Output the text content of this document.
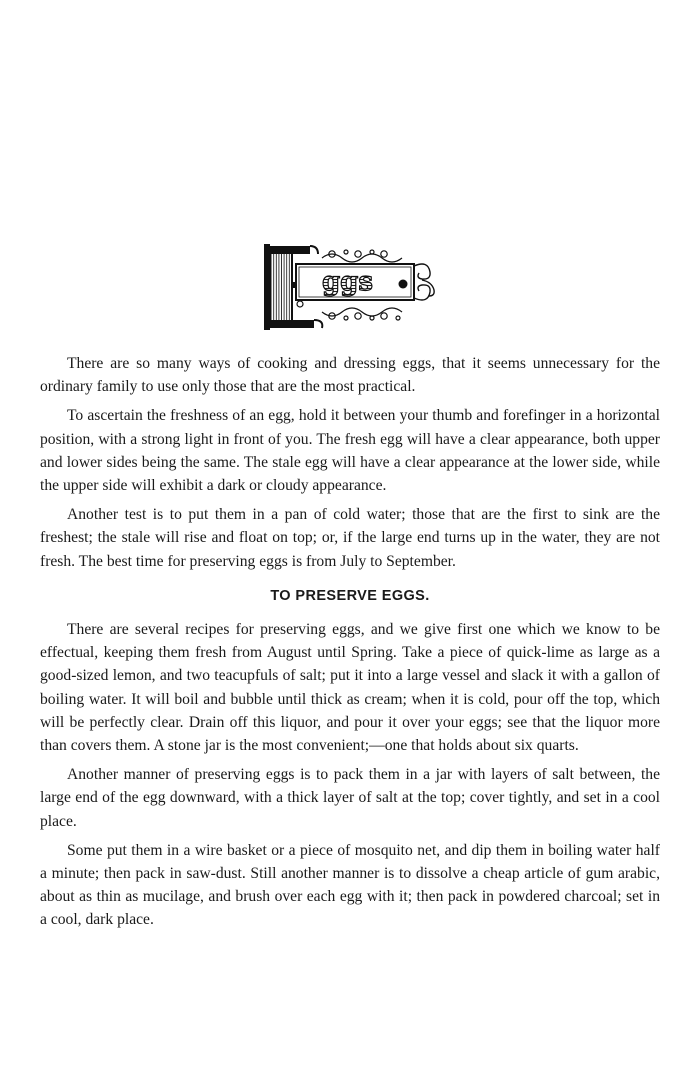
ggs

There are so many ways of cooking and dressing eggs, that it seems unnecessary for the ordinary family to use only those that are the most practical.

To ascertain the freshness of an egg, hold it between your thumb and forefinger in a horizontal position, with a strong light in front of you. The fresh egg will have a clear appearance, both upper and lower sides being the same. The stale egg will have a clear appearance at the lower side, while the upper side will exhibit a dark or cloudy appearance.

Another test is to put them in a pan of cold water; those that are the first to sink are the freshest; the stale will rise and float on top; or, if the large end turns up in the water, they are not fresh. The best time for preserving eggs is from July to September.

TO PRESERVE EGGS.

There are several recipes for preserving eggs, and we give first one which we know to be effectual, keeping them fresh from August until Spring. Take a piece of quick-lime as large as a good-sized lemon, and two teacupfuls of salt; put it into a large vessel and slack it with a gallon of boiling water. It will boil and bubble until thick as cream; when it is cold, pour off the top, which will be perfectly clear. Drain off this liquor, and pour it over your eggs; see that the liquor more than covers them. A stone jar is the most convenient;—one that holds about six quarts.

Another manner of preserving eggs is to pack them in a jar with layers of salt between, the large end of the egg downward, with a thick layer of salt at the top; cover tightly, and set in a cool place.

Some put them in a wire basket or a piece of mosquito net, and dip them in boiling water half a minute; then pack in saw-dust. Still another manner is to dissolve a cheap article of gum arabic, about as thin as mucilage, and brush over each egg with it; then pack in powdered charcoal; set in a cool, dark place.
